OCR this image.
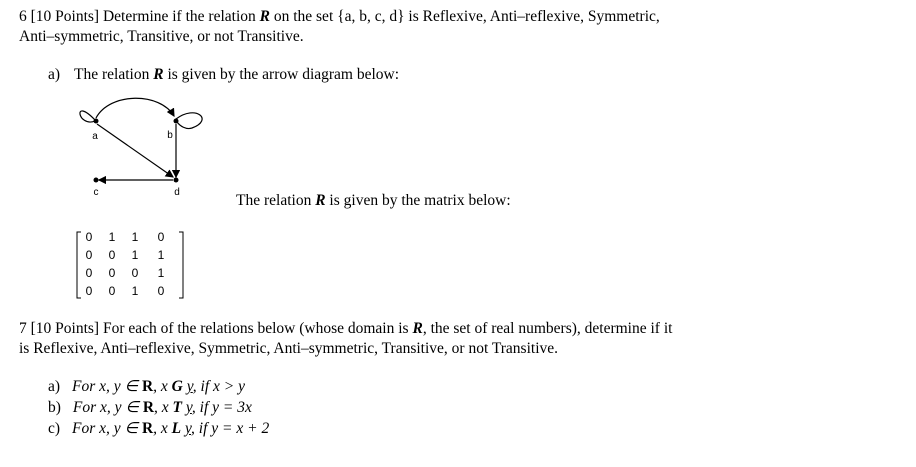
6 [10 Points] Determine if the relation R on the set {a, b, c, d} is Reflexive, Anti–reflexive, Symmetric,
Anti–symmetric, Transitive, or not Transitive.
a) The relation R is given by the arrow diagram below:
a	b
c	d	The relation R is given by the matrix below:
0 1 1 0
0 0 1 1
0 0 0 1
0 0 1 0
7 [10 Points] For each of the relations below (whose domain is R, the set of real numbers), determine if it
is Reflexive, Anti–reflexive, Symmetric, Anti–symmetric, Transitive, or not Transitive.
a) For x, y ∈ R, x G y, if x > y
b) For x, y ∈ R, x T y, if y = 3x
c) For x, y ∈ R, x L y, if y = x + 2
